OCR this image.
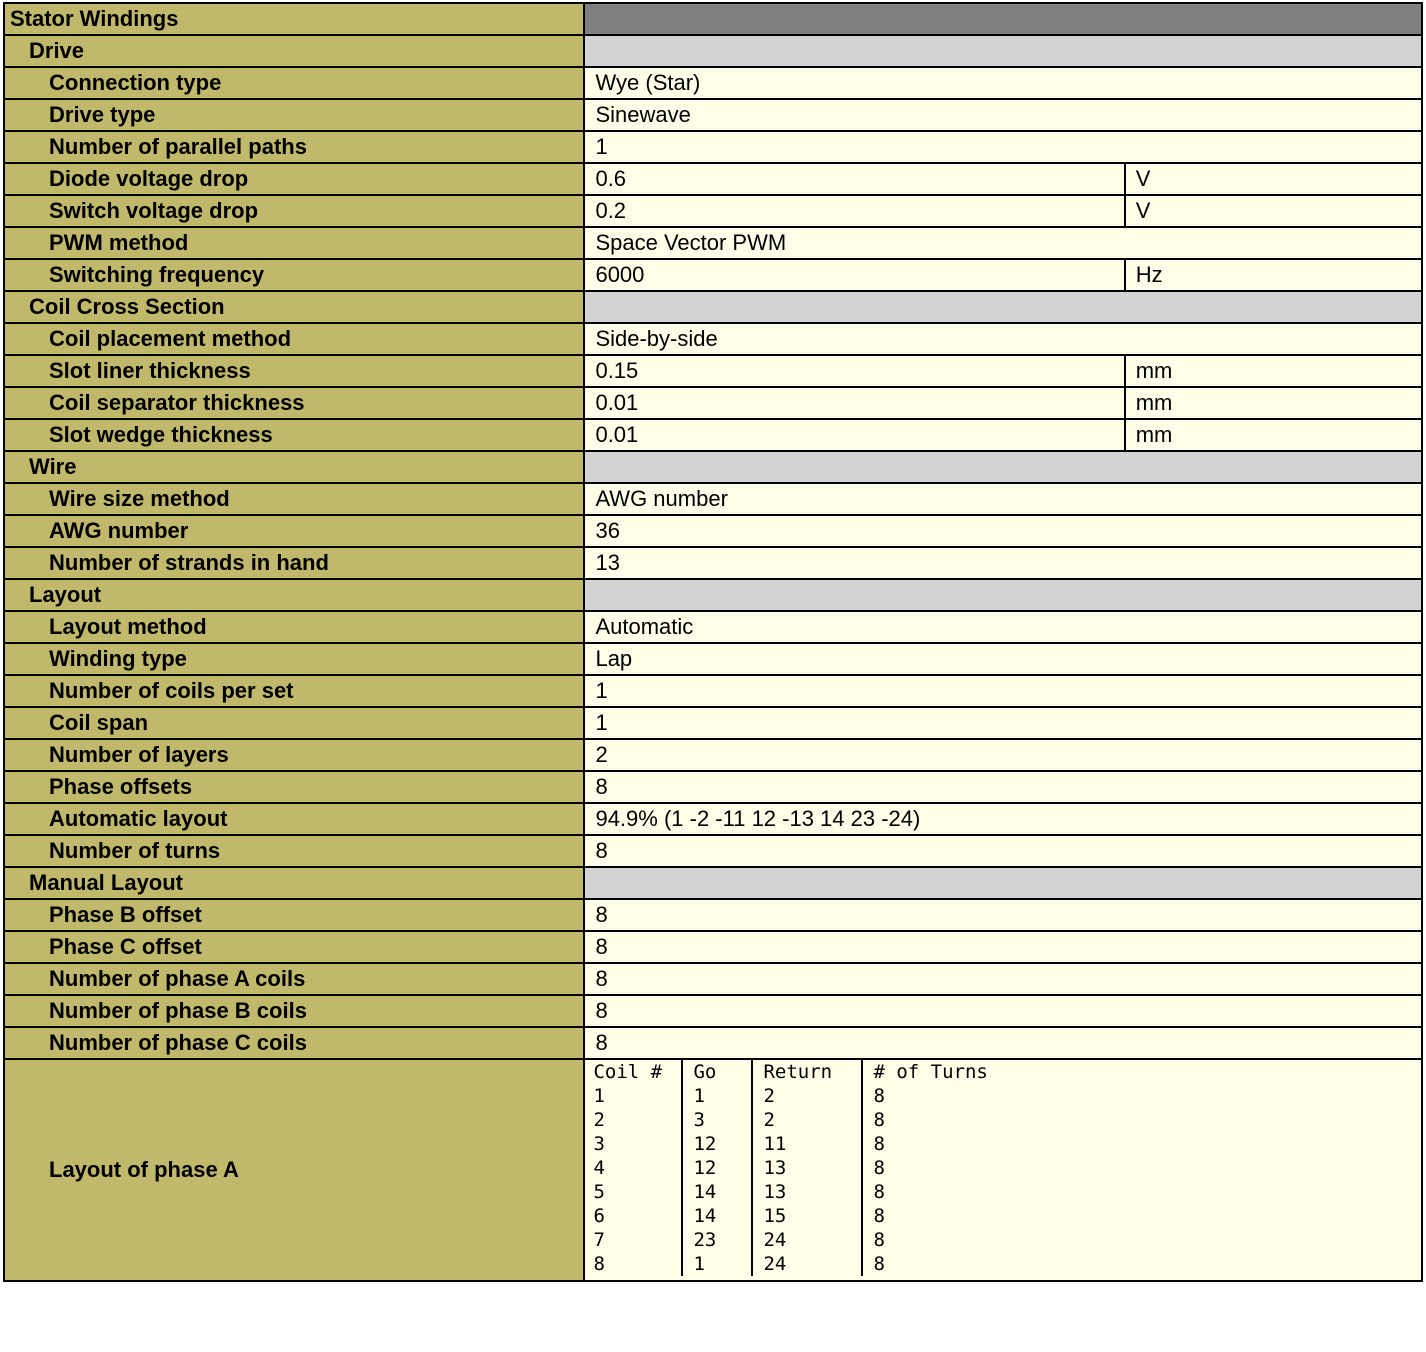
Stator Windings	
Drive	
Connection type	Wye (Star)
Drive type	Sinewave
Number of parallel paths	1
Diode voltage drop	0.6	V
Switch voltage drop	0.2	V
PWM method	Space Vector PWM
Switching frequency	6000	Hz
Coil Cross Section	
Coil placement method	Side-by-side
Slot liner thickness	0.15	mm
Coil separator thickness	0.01	mm
Slot wedge thickness	0.01	mm
Wire	
Wire size method	AWG number
AWG number	36
Number of strands in hand	13
Layout	
Layout method	Automatic
Winding type	Lap
Number of coils per set	1
Coil span	1
Number of layers	2
Phase offsets	8
Automatic layout	94.9% (1 -2 -11 12 -13 14 23 -24)
Number of turns	8
Manual Layout	
Phase B offset	8
Phase C offset	8
Number of phase A coils	8
Number of phase B coils	8
Number of phase C coils	8
Layout of phase A	
Coil #	Go	Return	# of Turns
1	1	2	8
2	3	2	8
3	12	11	8
4	12	13	8
5	14	13	8
6	14	15	8
7	23	24	8
8	1	24	8
